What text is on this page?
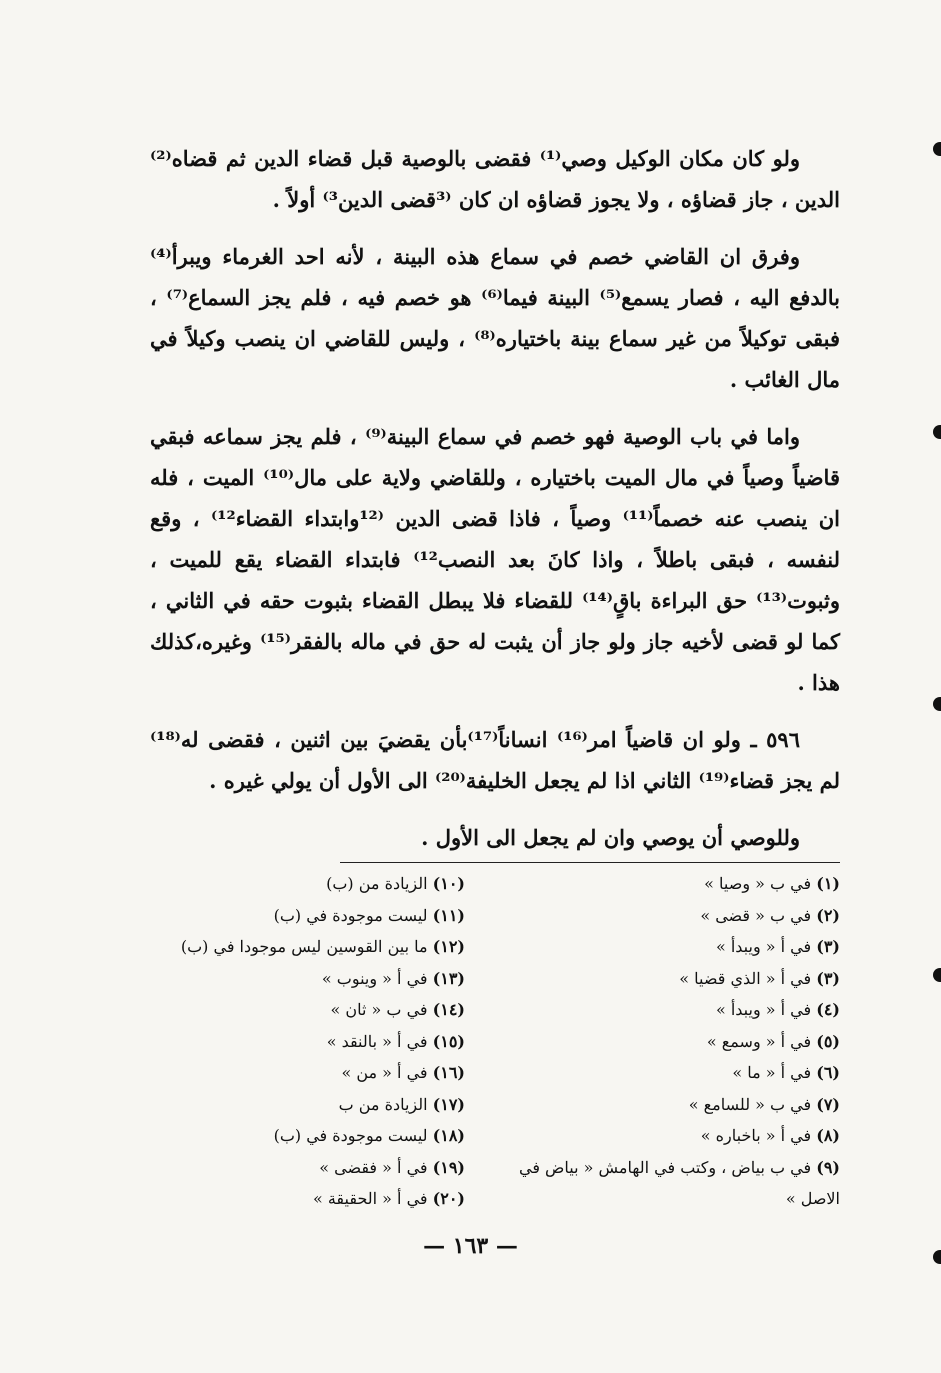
ولو كان مكان الوكيل وصي⁽¹⁾ فقضى بالوصية قبل قضاء الدين ثم قضاه⁽²⁾ الدين ، جاز قضاؤه ، ولا يجوز قضاؤه ان كان ⁽³قضى الدين³⁾ أولاً .

وفرق ان القاضي خصم في سماع هذه البينة ، لأنه احد الغرماء ويبرأ⁽⁴⁾ بالدفع اليه ، فصار يسمع⁽⁵⁾ البينة فيما⁽⁶⁾ هو خصم فيه ، فلم يجز السماع⁽⁷⁾ ، فبقى توكيلاً من غير سماع بينة باختياره⁽⁸⁾ ، وليس للقاضي ان ينصب وكيلاً في مال الغائب .

واما في باب الوصية فهو خصم في سماع البينة⁽⁹⁾ ، فلم يجز سماعه فبقي قاضياً وصياً في مال الميت باختياره ، وللقاضي ولاية على مال⁽¹⁰⁾ الميت ، فله ان ينصب عنه خصماً⁽¹¹⁾ وصياً ، فاذا قضى الدين ⁽¹²وابتداء القضاء¹²⁾ ، وقع لنفسه ، فبقى باطلاً ، واذا كانَ بعد النصب¹²⁾ فابتداء القضاء يقع للميت ، وثبوت⁽¹³⁾ حق البراءة باقٍ⁽¹⁴⁾ للقضاء فلا يبطل القضاء بثبوت حقه في الثاني ، كما لو قضى لأخيه جاز ولو جاز أن يثبت له حق في ماله بالفقر⁽¹⁵⁾ وغيره،كذلك هذا .

٥٩٦ ـ ولو ان قاضياً امر⁽¹⁶⁾ انساناً⁽¹⁷⁾بأن يقضيَ بين اثنين ، فقضى له⁽¹⁸⁾ لم يجز قضاء⁽¹⁹⁾ الثاني اذا لم يجعل الخليفة⁽²⁰⁾ الى الأول أن يولي غيره .

وللوصي أن يوصي وان لم يجعل الى الأول .

(١) في ب « وصيا »
(٢) في ب « قضى »
(٣) في أ « ويبدأ »
(٣) في أ « الذي قضيا »
(٤) في أ « ويبدأ »
(٥) في أ « وسمع »
(٦) في أ « ما »
(٧) في ب « للسامع »
(٨) في أ « باخباره »
(٩) في ب بياض ، وكتب في الهامش « بياض في الاصل »
(١٠) الزيادة من (ب)
(١١) ليست موجودة في (ب)
(١٢) ما بين القوسين ليس موجودا في (ب)
(١٣) في أ « وينوب »
(١٤) في ب « ثان »
(١٥) في أ « بالنقد »
(١٦) في أ « من »
(١٧) الزيادة من ب
(١٨) ليست موجودة في (ب)
(١٩) في أ « فقضى »
(٢٠) في أ « الحقيقة »
— ١٦٣ —
